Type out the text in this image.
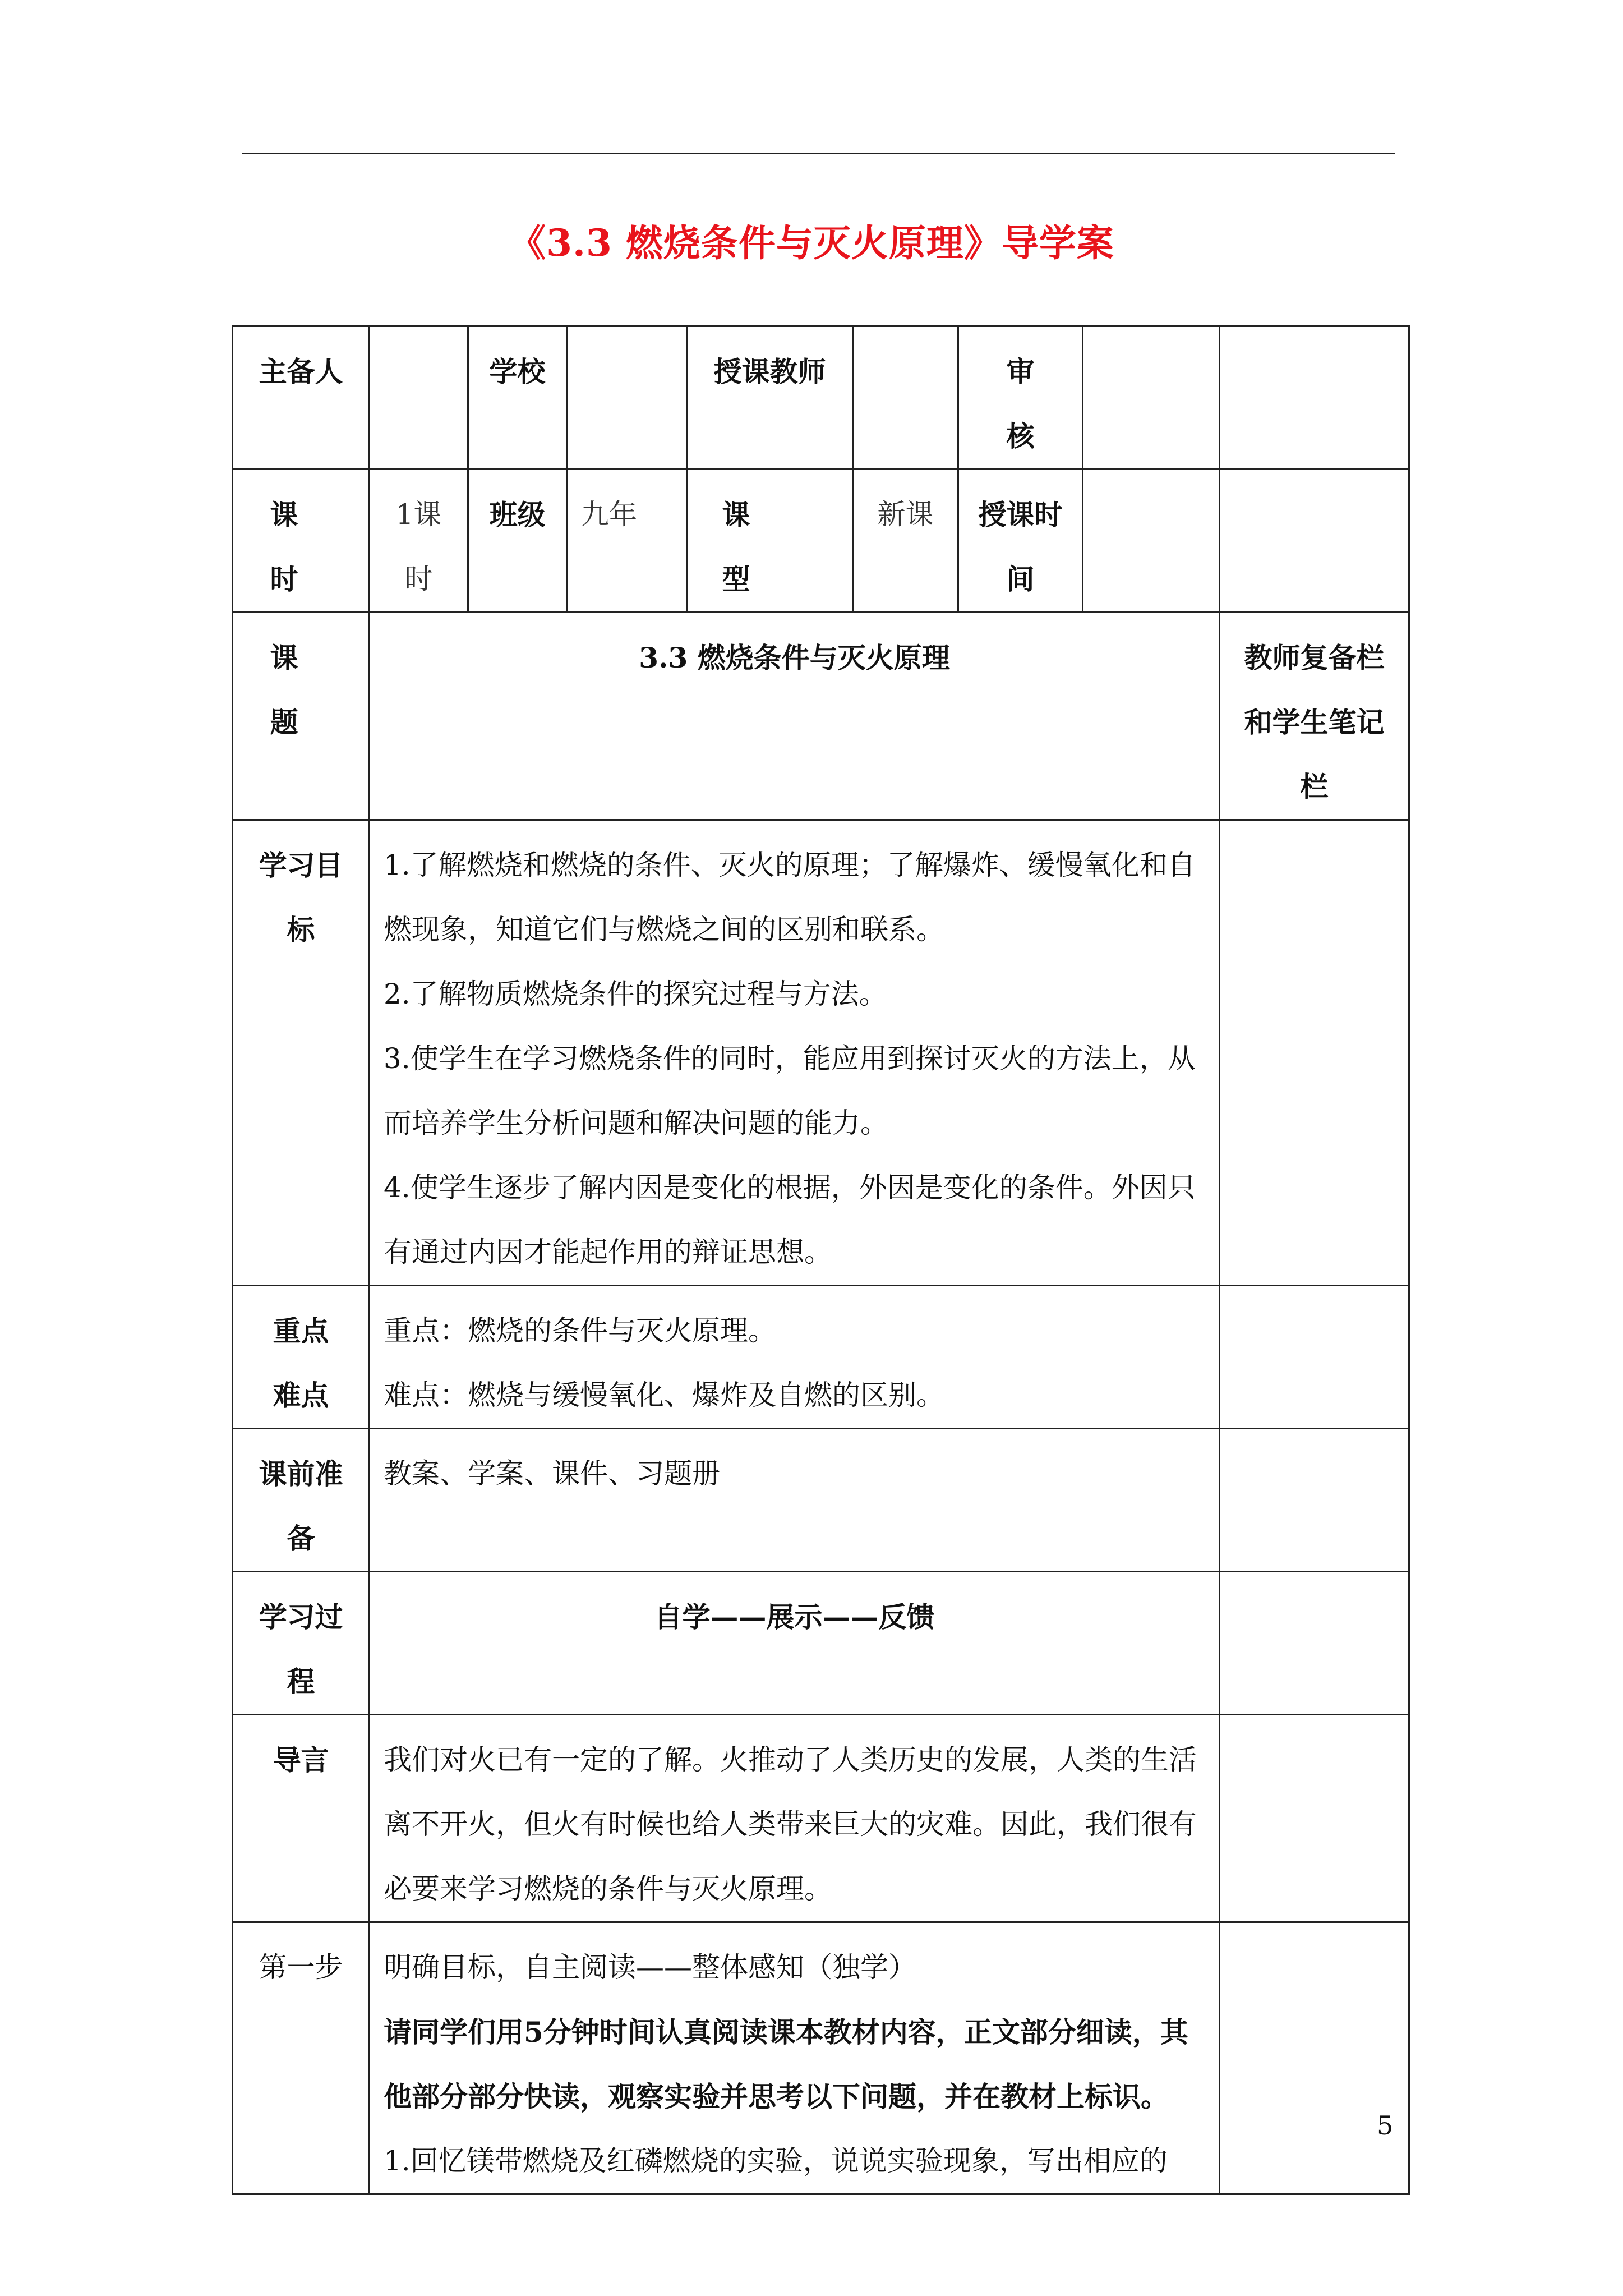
《3.3 燃烧条件与灭火原理》导学案
主备人		学校		授课教师		审核		
课时	1课时	班级	九年	课型	新课	授课时间		
课题	3.3 燃烧条件与灭火原理							教师复备栏和学生笔记栏
学习目标	1.了解燃烧和燃烧的条件、灭火的原理；了解爆炸、缓慢氧化和自燃现象，知道它们与燃烧之间的区别和联系。

2.了解物质燃烧条件的探究过程与方法。

3.使学生在学习燃烧条件的同时，能应用到探讨灭火的方法上，从而培养学生分析问题和解决问题的能力。

4.使学生逐步了解内因是变化的根据，外因是变化的条件。外因只有通过内因才能起作用的辩证思想。							

重点难点	重点：燃烧的条件与灭火原理。

难点：燃烧与缓慢氧化、爆炸及自燃的区别。							

课前准备	教案、学案、课件、习题册							
学习过程	自学——展示——反馈							
导言	我们对火已有一定的了解。火推动了人类历史的发展，人类的生活离不开火，但火有时候也给人类带来巨大的灾难。因此，我们很有必要来学习燃烧的条件与灭火原理。							
第一步	明确目标，自主阅读——整体感知（独学）

请同学们用5分钟时间认真阅读课本教材内容，正文部分细读，其他部分部分快读，观察实验并思考以下问题，并在教材上标识。

1.回忆镁带燃烧及红磷燃烧的实验，说说实验现象，写出相应的							

5
